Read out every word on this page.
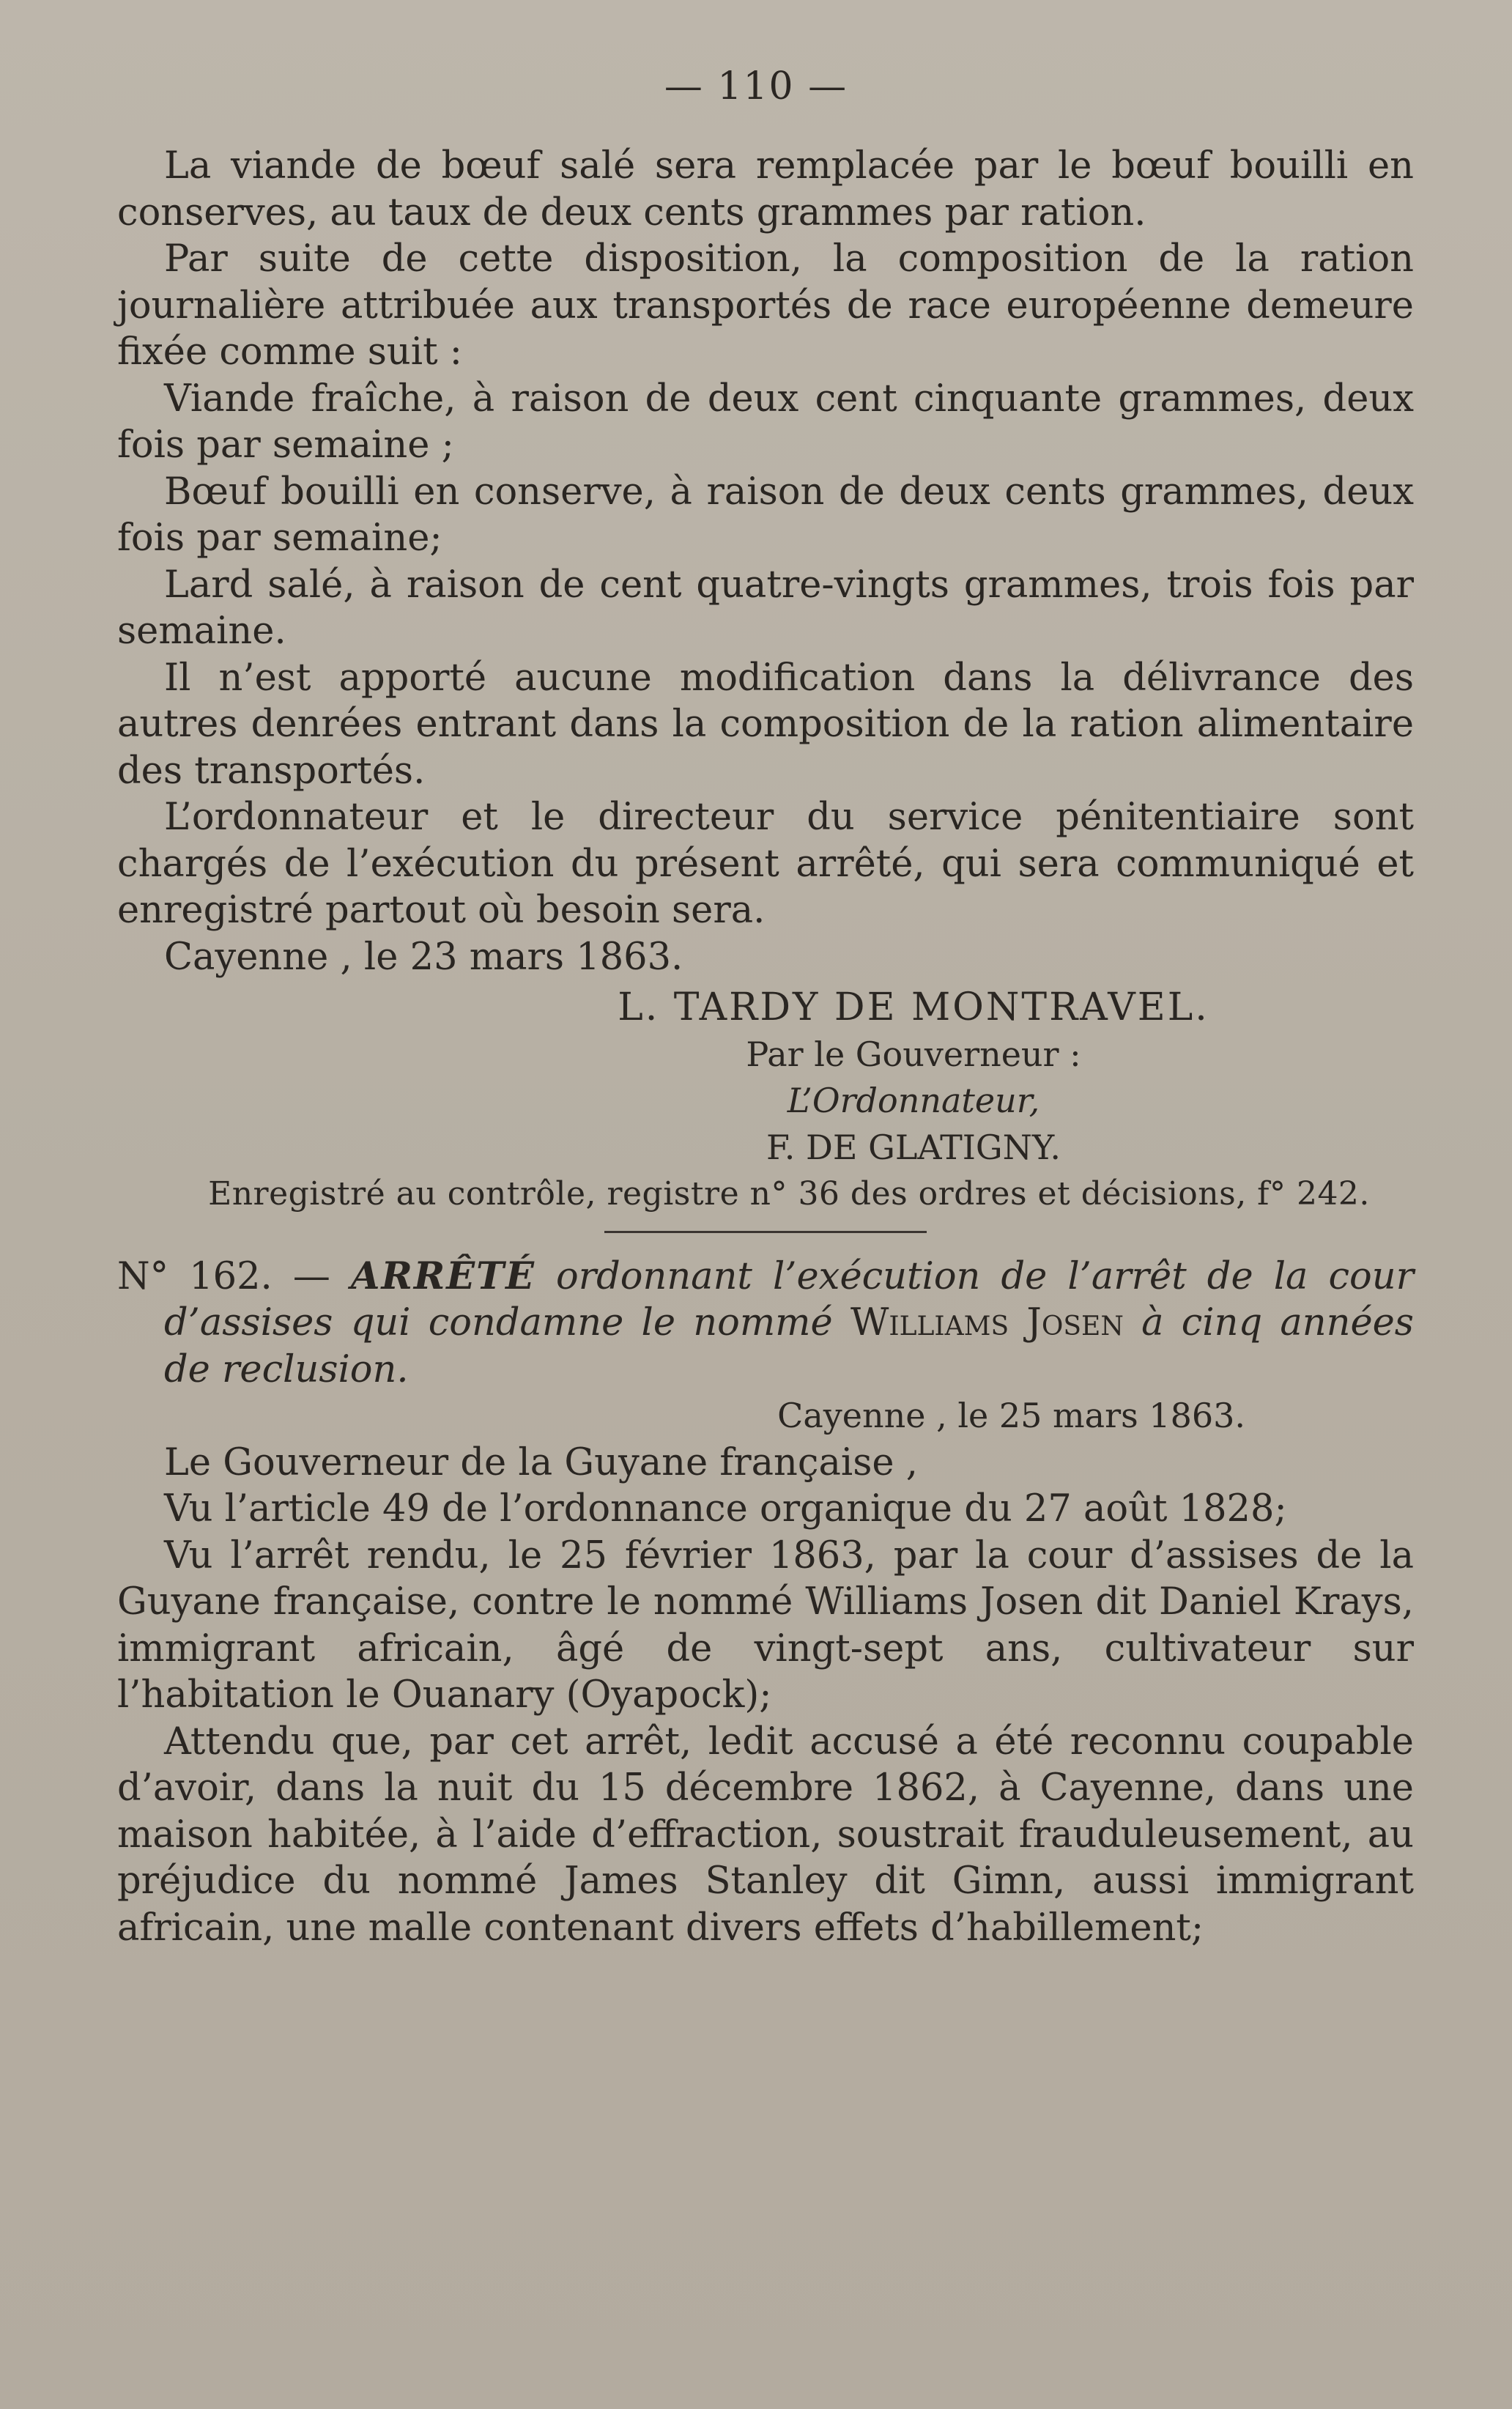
— 110 —

La viande de bœuf salé sera remplacée par le bœuf bouilli en conserves, au taux de deux cents grammes par ration.

Par suite de cette disposition, la composition de la ration journalière attribuée aux transportés de race européenne demeure fixée comme suit :

Viande fraîche, à raison de deux cent cinquante grammes, deux fois par semaine ;

Bœuf bouilli en conserve, à raison de deux cents grammes, deux fois par semaine;

Lard salé, à raison de cent quatre-vingts grammes, trois fois par semaine.

Il n’est apporté aucune modification dans la délivrance des autres denrées entrant dans la composition de la ration alimentaire des transportés.

L’ordonnateur et le directeur du service pénitentiaire sont chargés de l’exécution du présent arrêté, qui sera communiqué et enregistré partout où besoin sera.

Cayenne , le 23 mars 1863.

L. TARDY DE MONTRAVEL.

Par le Gouverneur :

L’Ordonnateur,

F. DE GLATIGNY.

Enregistré au contrôle, registre n° 36 des ordres et décisions, f° 242.

N° 162. — ARRÊTÉ ordonnant l’exécution de l’arrêt de la cour d’assises qui condamne le nommé Williams Josen à cinq années de reclusion.

Cayenne , le 25 mars 1863.

Le Gouverneur de la Guyane française ,

Vu l’article 49 de l’ordonnance organique du 27 août 1828;

Vu l’arrêt rendu, le 25 février 1863, par la cour d’assises de la Guyane française, contre le nommé Williams Josen dit Daniel Krays, immigrant africain, âgé de vingt-sept ans, cultivateur sur l’habitation le Ouanary (Oyapock);

Attendu que, par cet arrêt, ledit accusé a été reconnu coupable d’avoir, dans la nuit du 15 décembre 1862, à Cayenne, dans une maison habitée, à l’aide d’effraction, soustrait frauduleusement, au préjudice du nommé James Stanley dit Gimn, aussi immigrant africain, une malle contenant divers effets d’habillement;
